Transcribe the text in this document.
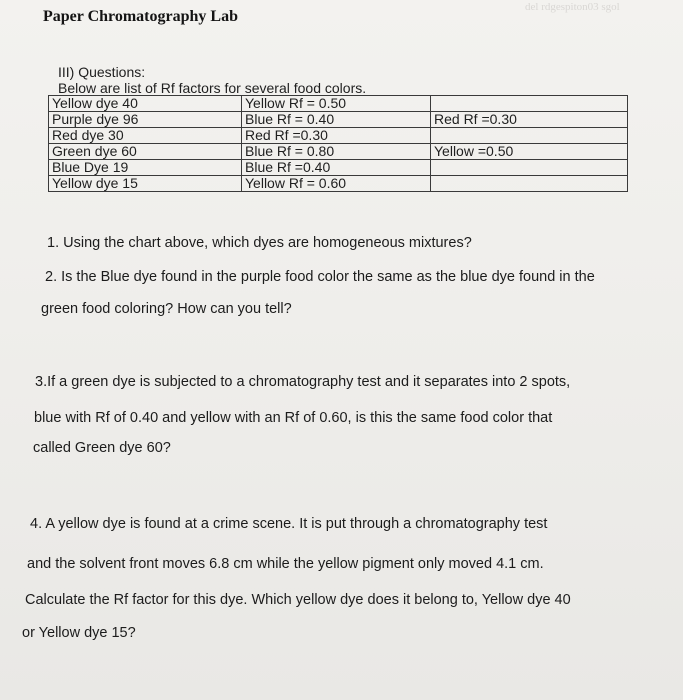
Paper Chromatography Lab
del rdgespiton03 sgol
III) Questions:
Below are list of Rf factors for several food colors.
Yellow dye 40	Yellow Rf = 0.50	
Purple dye 96	Blue Rf = 0.40	Red Rf =0.30
Red dye 30	Red Rf =0.30	
Green dye 60	Blue Rf = 0.80	Yellow =0.50
Blue Dye 19	Blue Rf =0.40	
Yellow dye 15	Yellow Rf = 0.60	
1. Using the chart above, which dyes are homogeneous mixtures?
2. Is the Blue dye found in the purple food color the same as the blue dye found in the
green food coloring? How can you tell?
3.If a green dye is subjected to a chromatography test and it separates into 2 spots,
blue with Rf of 0.40 and yellow with an Rf of 0.60, is this the same food color that
called Green dye 60?
4. A yellow dye is found at a crime scene. It is put through a chromatography test
and the solvent front moves 6.8 cm while the yellow pigment only moved 4.1 cm.
Calculate the Rf factor for this dye. Which yellow dye does it belong to, Yellow dye 40
or Yellow dye 15?
